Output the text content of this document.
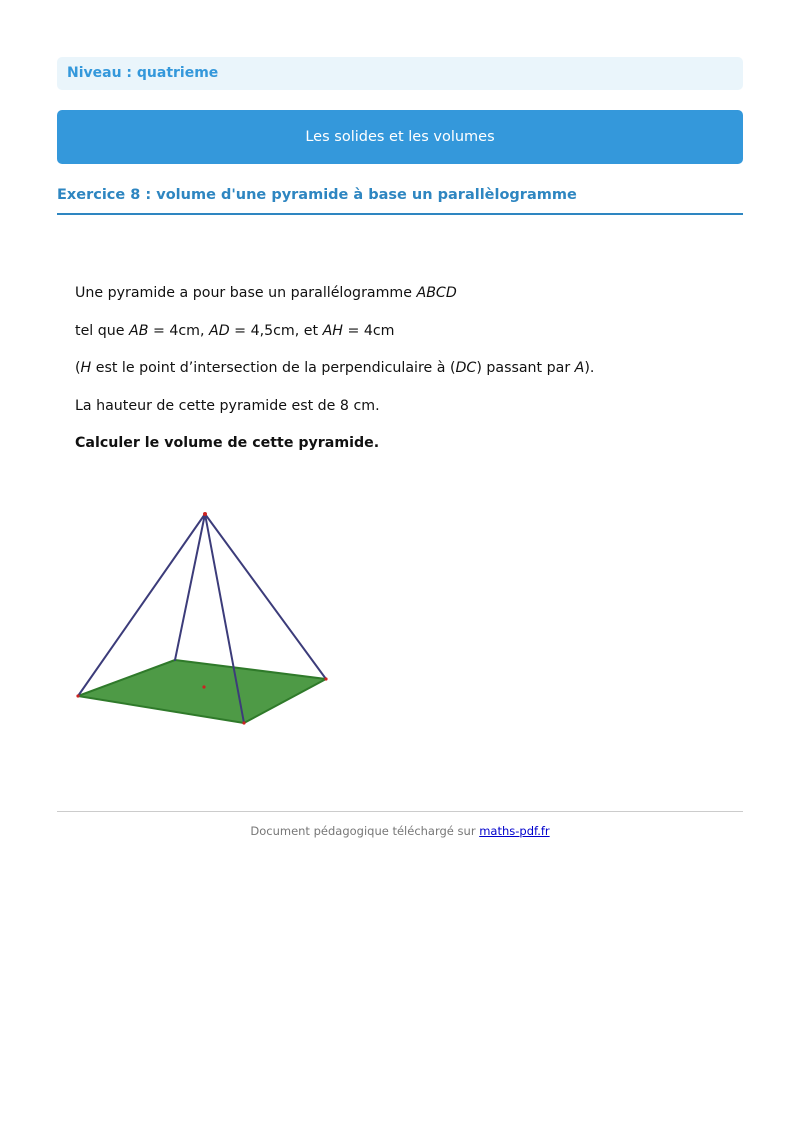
Niveau : quatrieme
Les solides et les volumes
Exercice 8 : volume d'une pyramide à base un parallèlogramme

Une pyramide a pour base un parallélogramme ABCD

tel que AB = 4cm, AD = 4,5cm, et AH = 4cm

(H est le point d’intersection de la perpendiculaire à (DC) passant par A).

La hauteur de cette pyramide est de 8 cm.

Calculer le volume de cette pyramide.

Document pédagogique téléchargé sur maths-pdf.fr
